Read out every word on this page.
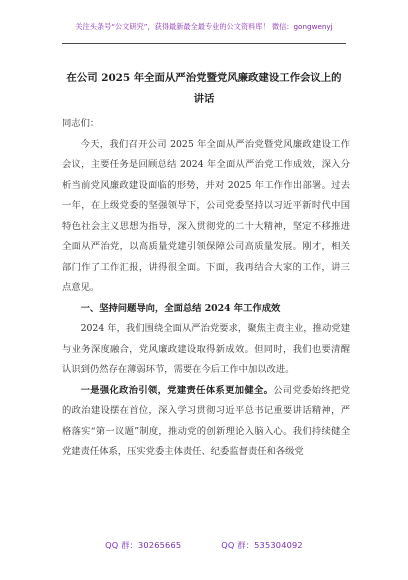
关注头条号“公文研究”，获得最新最全最专业的公文资料库！ 微信：gongwenyj
在公司 2025 年全面从严治党暨党风廉政建设工作会议上的
讲话

同志们：

今天，我们召开公司 2025 年全面从严治党暨党风廉政建设工作会议，主要任务是回顾总结 2024 年全面从严治党工作成效，深入分析当前党风廉政建设面临的形势，并对 2025 年工作作出部署。过去一年，在上级党委的坚强领导下，公司党委坚持以习近平新时代中国特色社会主义思想为指导，深入贯彻党的二十大精神，坚定不移推进全面从严治党，以高质量党建引领保障公司高质量发展。刚才，相关部门作了工作汇报，讲得很全面。下面，我再结合大家的工作，讲三点意见。

一、坚持问题导向，全面总结 2024 年工作成效

2024 年，我们围绕全面从严治党要求，聚焦主责主业，推动党建与业务深度融合，党风廉政建设取得新成效。但同时，我们也要清醒认识到仍然存在薄弱环节，需要在今后工作中加以改进。

一是强化政治引领，党建责任体系更加健全。公司党委始终把党的政治建设摆在首位，深入学习贯彻习近平总书记重要讲话精神，严格落实“第一议题”制度，推动党的创新理论入脑入心。我们持续健全党建责任体系，压实党委主体责任、纪委监督责任和各级党

QQ 群：30265665	QQ 群：535304092
